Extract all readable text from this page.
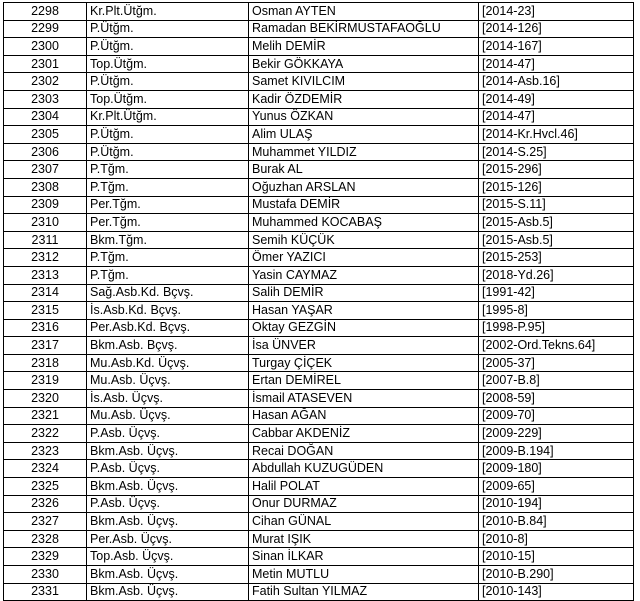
2298	Kr.Plt.Ütğm.	Osman AYTEN	[2014-23]
2299	P.Ütğm.	Ramadan BEKİRMUSTAFAOĞLU	[2014-126]
2300	P.Ütğm.	Melih DEMİR	[2014-167]
2301	Top.Ütğm.	Bekir GÖKKAYA	[2014-47]
2302	P.Ütğm.	Samet KIVILCIM	[2014-Asb.16]
2303	Top.Ütğm.	Kadir ÖZDEMİR	[2014-49]
2304	Kr.Plt.Ütğm.	Yunus ÖZKAN	[2014-47]
2305	P.Ütğm.	Alim ULAŞ	[2014-Kr.Hvcl.46]
2306	P.Ütğm.	Muhammet YILDIZ	[2014-S.25]
2307	P.Tğm.	Burak AL	[2015-296]
2308	P.Tğm.	Oğuzhan ARSLAN	[2015-126]
2309	Per.Tğm.	Mustafa DEMİR	[2015-S.11]
2310	Per.Tğm.	Muhammed KOCABAŞ	[2015-Asb.5]
2311	Bkm.Tğm.	Semih KÜÇÜK	[2015-Asb.5]
2312	P.Tğm.	Ömer YAZICI	[2015-253]
2313	P.Tğm.	Yasin CAYMAZ	[2018-Yd.26]
2314	Sağ.Asb.Kd. Bçvş.	Salih DEMİR	[1991-42]
2315	İs.Asb.Kd. Bçvş.	Hasan YAŞAR	[1995-8]
2316	Per.Asb.Kd. Bçvş.	Oktay GEZGİN	[1998-P.95]
2317	Bkm.Asb. Bçvş.	İsa ÜNVER	[2002-Ord.Tekns.64]
2318	Mu.Asb.Kd. Üçvş.	Turgay ÇİÇEK	[2005-37]
2319	Mu.Asb. Üçvş.	Ertan DEMİREL	[2007-B.8]
2320	İs.Asb. Üçvş.	İsmail ATASEVEN	[2008-59]
2321	Mu.Asb. Üçvş.	Hasan AĞAN	[2009-70]
2322	P.Asb. Üçvş.	Cabbar AKDENİZ	[2009-229]
2323	Bkm.Asb. Üçvş.	Recai DOĞAN	[2009-B.194]
2324	P.Asb. Üçvş.	Abdullah KUZUGÜDEN	[2009-180]
2325	Bkm.Asb. Üçvş.	Halil POLAT	[2009-65]
2326	P.Asb. Üçvş.	Onur DURMAZ	[2010-194]
2327	Bkm.Asb. Üçvş.	Cihan GÜNAL	[2010-B.84]
2328	Per.Asb. Üçvş.	Murat IŞIK	[2010-8]
2329	Top.Asb. Üçvş.	Sinan İLKAR	[2010-15]
2330	Bkm.Asb. Üçvş.	Metin MUTLU	[2010-B.290]
2331	Bkm.Asb. Üçvş.	Fatih Sultan YILMAZ	[2010-143]
